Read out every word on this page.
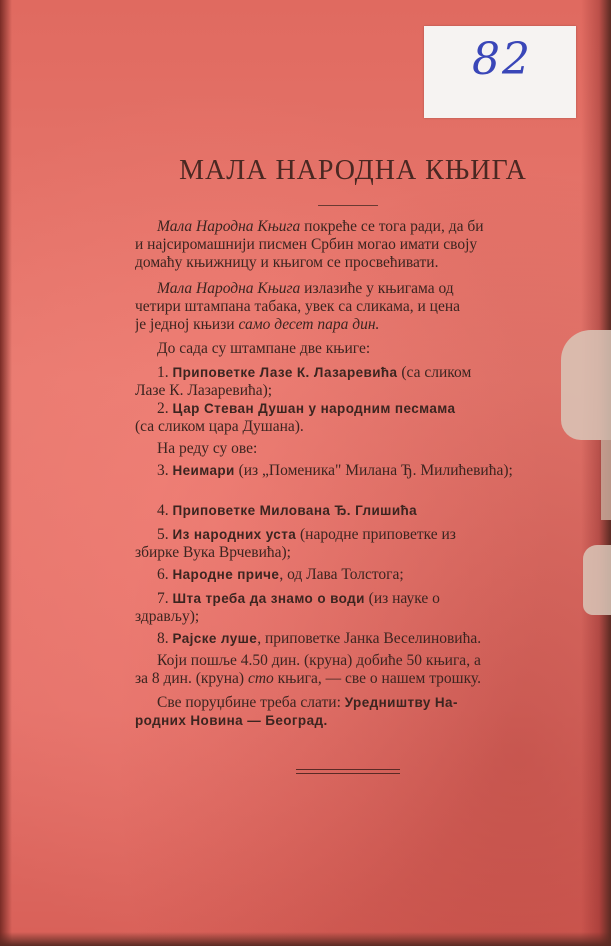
82
МАЛА НАРОДНА КЊИГА
Мала Народна Књига покреће се тога ради, да би
и најсиромашнији писмен Србин могао имати своју
домаћу књижницу и књигом се просвећивати.
Мала Народна Књига излазиће у књигама од
четири штампана табака, увек са сликама, и цена
је једној књизи само десет пара дин.
До сада су штампане две књиге:
1. Приповетке Лазе К. Лазаревића (са сликом
Лазе К. Лазаревића);
2. Цар Стеван Душан у народним песмама
(са сликом цара Душана).
На реду су ове:
3. Неимари (из „Поменика" Милана Ђ. Милићевића);
4. Приповетке Милована Ђ. Глишића
5. Из народних уста (народне приповетке из
збирке Вука Врчевића);
6. Народне приче, од Лава Толстога;
7. Шта треба да знамо о води (из науке о
здрављу);
8. Рајске луше, приповетке Јанка Веселиновића.
Који пошље 4.50 дин. (круна) добиће 50 књига, а
за 8 дин. (круна) сто књига, — све о нашем трошку.
Све поруџбине треба слати: Уредништву На-
родних Новина — Београд.
